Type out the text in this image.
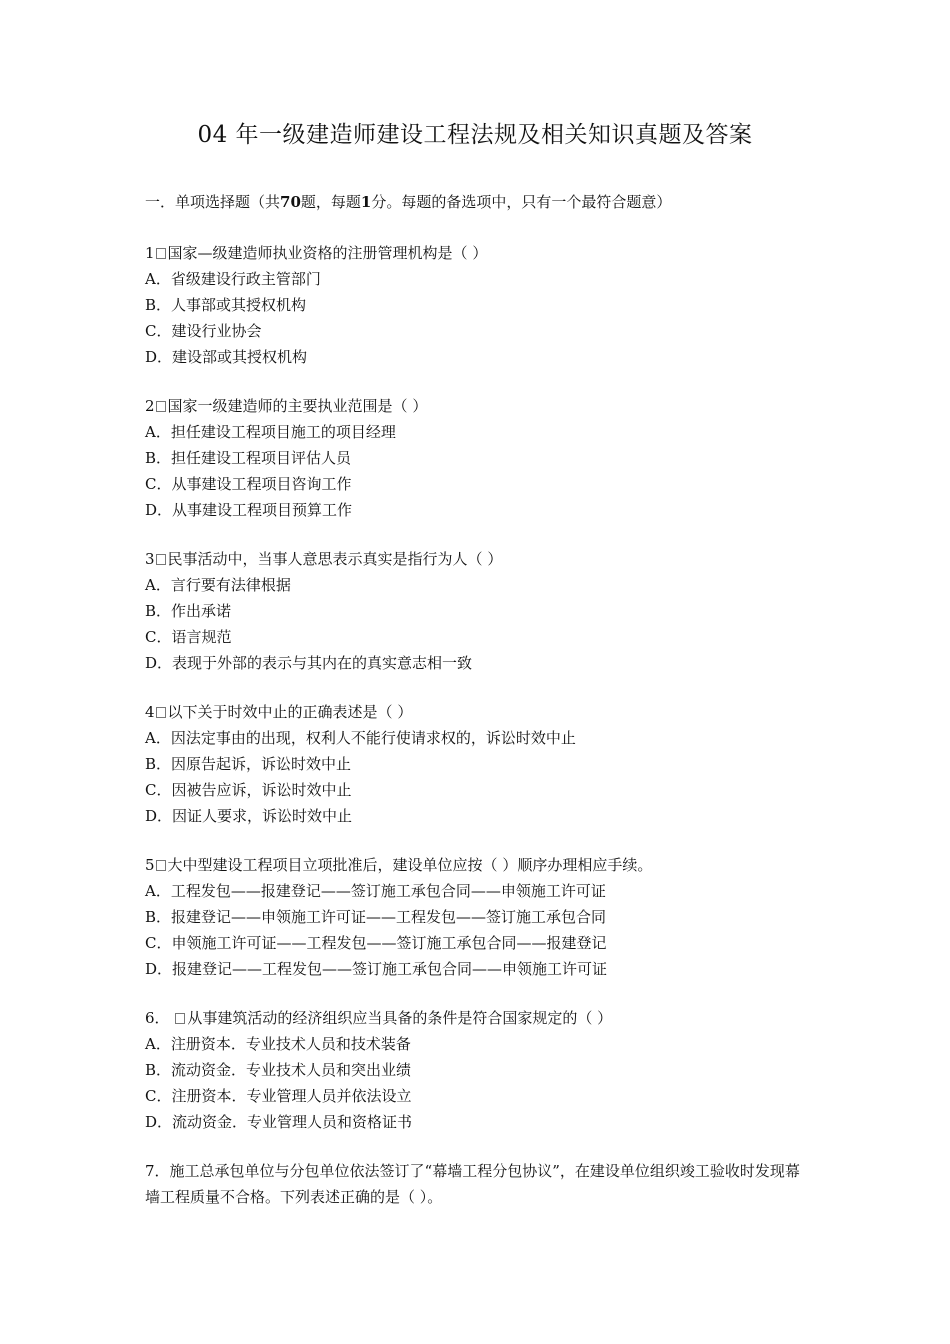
04 年一级建造师建设工程法规及相关知识真题及答案
一．单项选择题（共70题，每题1分。每题的备选项中，只有一个最符合题意）
1 国家—级建造师执业资格的注册管理机构是（ ）
A．省级建设行政主管部门
B．人事部或其授权机构
C．建设行业协会
D．建设部或其授权机构
2 国家一级建造师的主要执业范围是（ ）
A．担任建设工程项目施工的项目经理
B．担任建设工程项目评估人员
C．从事建设工程项目咨询工作
D．从事建设工程项目预算工作
3 民事活动中，当事人意思表示真实是指行为人（ ）
A．言行要有法律根据
B．作出承诺
C．语言规范
D．表现于外部的表示与其内在的真实意志相一致
4 以下关于时效中止的正确表述是（ ）
A．因法定事由的出现，权利人不能行使请求权的，诉讼时效中止
B．因原告起诉，诉讼时效中止
C．因被告应诉，诉讼时效中止
D．因证人要求，诉讼时效中止
5 大中型建设工程项目立项批准后，建设单位应按（ ）顺序办理相应手续。
A．工程发包——报建登记——签订施工承包合同——申领施工许可证
B．报建登记——申领施工许可证——工程发包——签订施工承包合同
C．申领施工许可证——工程发包——签订施工承包合同——报建登记
D．报建登记——工程发包——签订施工承包合同——申领施工许可证
6． 从事建筑活动的经济组织应当具备的条件是符合国家规定的（ ）
A．注册资本．专业技术人员和技术装备
B．流动资金．专业技术人员和突出业绩
C．注册资本．专业管理人员并依法设立
D．流动资金．专业管理人员和资格证书
7．施工总承包单位与分包单位依法签订了“幕墙工程分包协议”，在建设单位组织竣工验收时发现幕墙工程质量不合格。下列表述正确的是（ ）。
